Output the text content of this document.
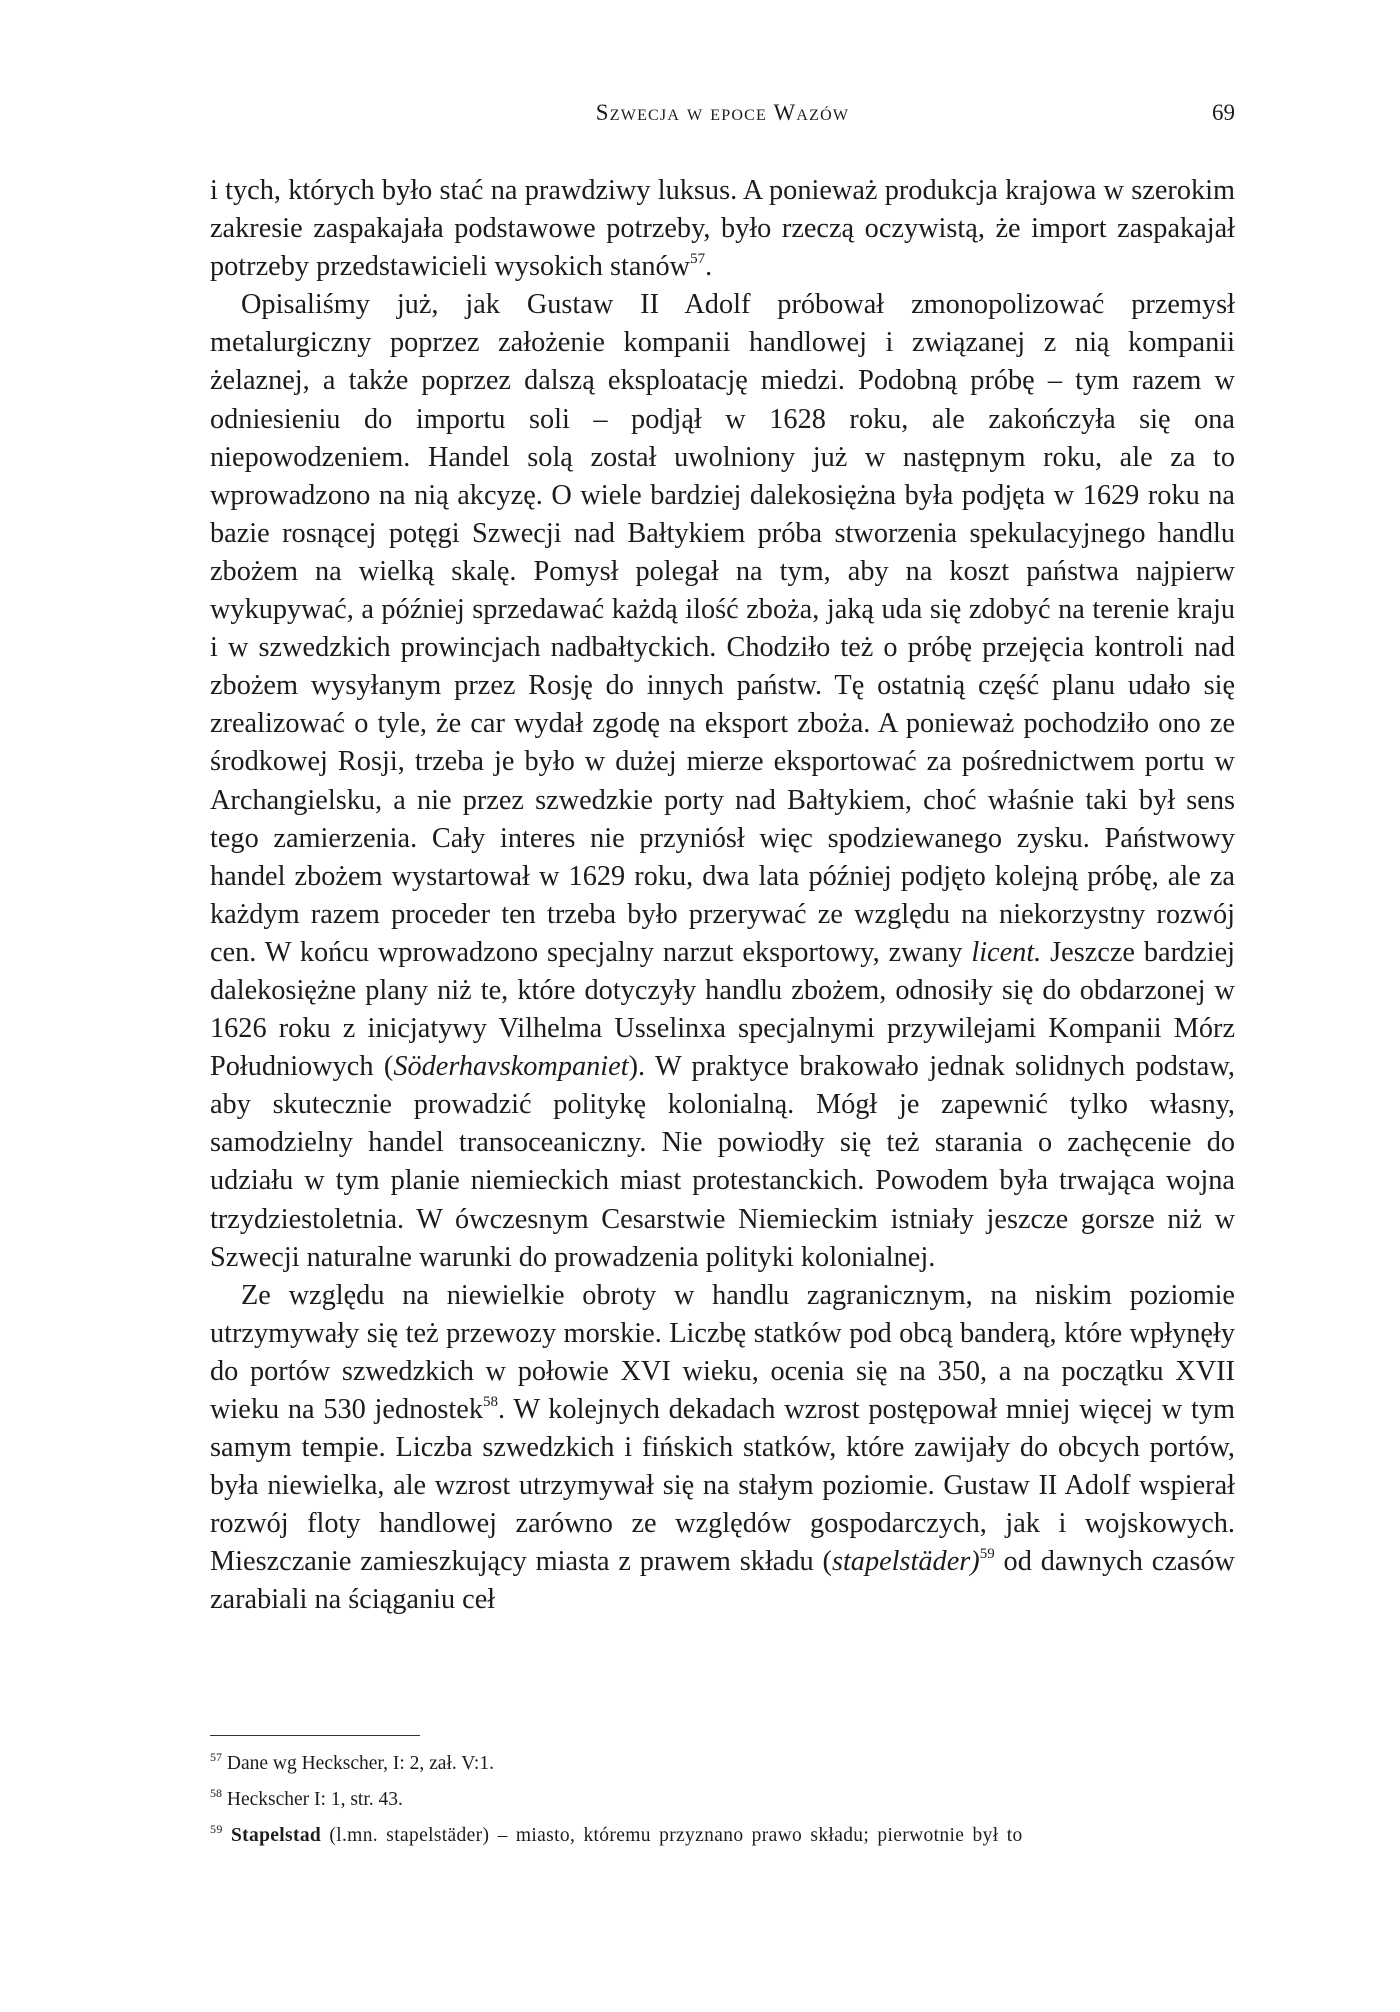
Szwecja w epoce Wazów	69

i tych, których było stać na prawdziwy luksus. A ponieważ produkcja krajowa w szerokim zakresie zaspakajała podstawowe potrzeby, było rzeczą oczywistą, że import zaspakajał potrzeby przedstawicieli wysokich stanów$^{57}$.

Opisaliśmy już, jak Gustaw II Adolf próbował zmonopolizować przemysł metalurgiczny poprzez założenie kompanii handlowej i związanej z nią kompanii żelaznej, a także poprzez dalszą eksploatację miedzi. Podobną próbę – tym razem w odniesieniu do importu soli – podjął w 1628 roku, ale zakończyła się ona niepowodzeniem. Handel solą został uwolniony już w następnym roku, ale za to wprowadzono na nią akcyzę. O wiele bardziej dalekosiężna była podjęta w 1629 roku na bazie rosnącej potęgi Szwecji nad Bałtykiem próba stworzenia spekulacyjnego handlu zbożem na wielką skalę. Pomysł polegał na tym, aby na koszt państwa najpierw wykupywać, a później sprzedawać każdą ilość zboża, jaką uda się zdobyć na terenie kraju i w szwedzkich prowincjach nadbałtyckich. Chodziło też o próbę przejęcia kontroli nad zbożem wysyłanym przez Rosję do innych państw. Tę ostatnią część planu udało się zrealizować o tyle, że car wydał zgodę na eksport zboża. A ponieważ pochodziło ono ze środkowej Rosji, trzeba je było w dużej mierze eksportować za pośrednictwem portu w Archangielsku, a nie przez szwedzkie porty nad Bałtykiem, choć właśnie taki był sens tego zamierzenia. Cały interes nie przyniósł więc spodziewanego zysku. Państwowy handel zbożem wystartował w 1629 roku, dwa lata później podjęto kolejną próbę, ale za każdym razem proceder ten trzeba było przerywać ze względu na niekorzystny rozwój cen. W końcu wprowadzono specjalny narzut eksportowy, zwany licent. Jeszcze bardziej dalekosiężne plany niż te, które dotyczyły handlu zbożem, odnosiły się do obdarzonej w 1626 roku z inicjatywy Vilhelma Usselinxa specjalnymi przywilejami Kompanii Mórz Południowych (Söderhavskompaniet). W praktyce brakowało jednak solidnych podstaw, aby skutecznie prowadzić politykę kolonialną. Mógł je zapewnić tylko własny, samodzielny handel transoceaniczny. Nie powiodły się też starania o zachęcenie do udziału w tym planie niemieckich miast protestanckich. Powodem była trwająca wojna trzydziestoletnia. W ówczesnym Cesarstwie Niemieckim istniały jeszcze gorsze niż w Szwecji naturalne warunki do prowadzenia polityki kolonialnej.

Ze względu na niewielkie obroty w handlu zagranicznym, na niskim poziomie utrzymywały się też przewozy morskie. Liczbę statków pod obcą banderą, które wpłynęły do portów szwedzkich w połowie XVI wieku, ocenia się na 350, a na początku XVII wieku na 530 jednostek$^{58}$. W kolejnych dekadach wzrost postępował mniej więcej w tym samym tempie. Liczba szwedzkich i fińskich statków, które zawijały do obcych portów, była niewielka, ale wzrost utrzymywał się na stałym poziomie. Gustaw II Adolf wspierał rozwój floty handlowej zarówno ze względów gospodarczych, jak i wojskowych. Mieszczanie zamieszkujący miasta z prawem składu (stapelstäder)$^{59}$ od dawnych czasów zarabiali na ściąganiu ceł

$^{57}$ Dane wg Heckscher, I: 2, zał. V:1.

$^{58}$ Heckscher I: 1, str. 43.

$^{59}$ Stapelstad (l.mn. stapelstäder) – miasto, któremu przyznano prawo składu; pierwotnie był to
